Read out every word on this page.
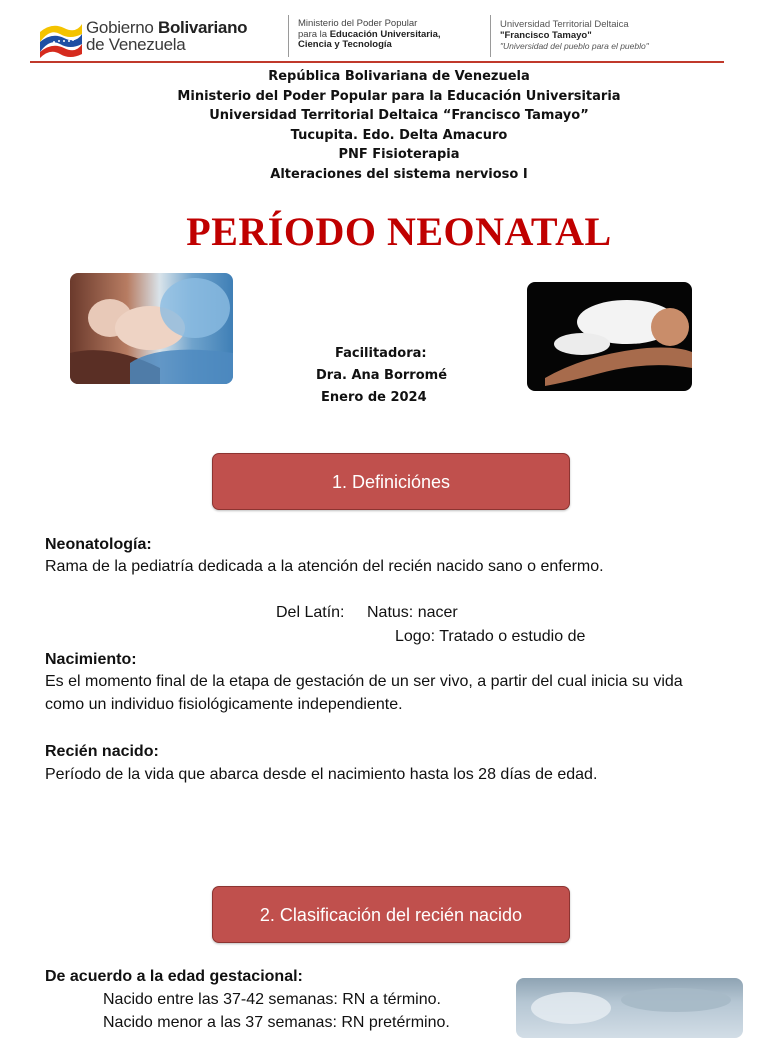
Gobierno Bolivariano
de Venezuela
Ministerio del Poder Popular
para la Educación Universitaria,
Ciencia y Tecnología
Universidad Territorial Deltaica
"Francisco Tamayo"
"Universidad del pueblo para el pueblo"
República Bolivariana de Venezuela
Ministerio del Poder Popular para la Educación Universitaria
Universidad Territorial Deltaica “Francisco Tamayo”
Tucupita. Edo. Delta Amacuro
PNF Fisioterapia
Alteraciones del sistema nervioso I
PERÍODO NEONATAL
Facilitadora:
Dra. Ana Borromé
Enero de 2024
1. Definiciónes
Neonatología:
Rama de la pediatría dedicada a la atención del recién nacido sano o enfermo.
Del Latín: Natus: nacer
Logo: Tratado o estudio de
Nacimiento:
Es el momento final de la etapa de gestación de un ser vivo, a partir del cual inicia su vida como un individuo fisiológicamente independiente.
Recién nacido:
Período de la vida que abarca desde el nacimiento hasta los 28 días de edad.
2. Clasificación del recién nacido
De acuerdo a la edad gestacional:
Nacido entre las 37-42 semanas: RN a término.
Nacido menor a las 37 semanas: RN pretérmino.
